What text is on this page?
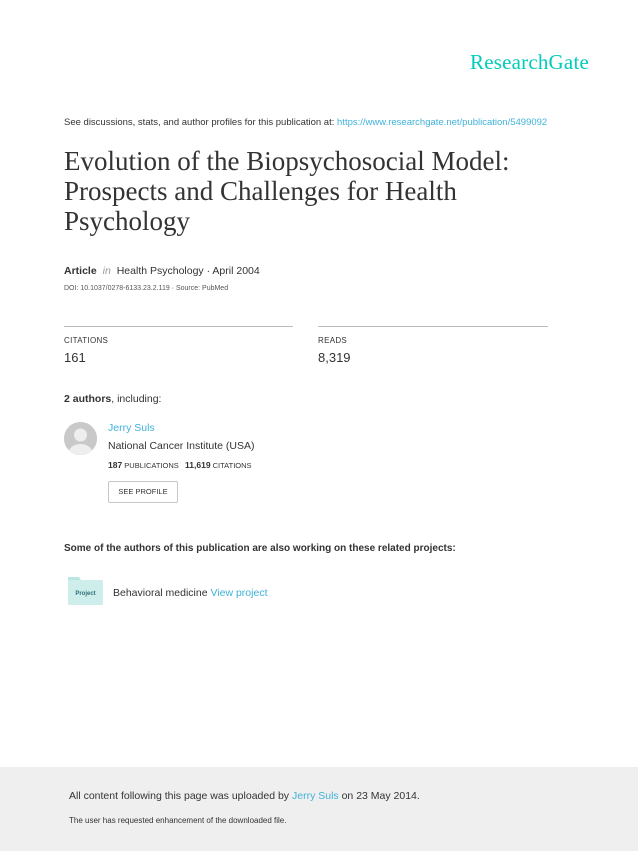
ResearchGate
See discussions, stats, and author profiles for this publication at: https://www.researchgate.net/publication/5499092
Evolution of the Biopsychosocial Model: Prospects and Challenges for Health Psychology
Article in Health Psychology · April 2004
DOI: 10.1037/0278-6133.23.2.119 · Source: PubMed
CITATIONS
161
READS
8,319
2 authors, including:
Jerry Suls
National Cancer Institute (USA)
187 PUBLICATIONS 11,619 CITATIONS
SEE PROFILE
Some of the authors of this publication are also working on these related projects:
Project Behavioral medicine View project
All content following this page was uploaded by Jerry Suls on 23 May 2014.
The user has requested enhancement of the downloaded file.
